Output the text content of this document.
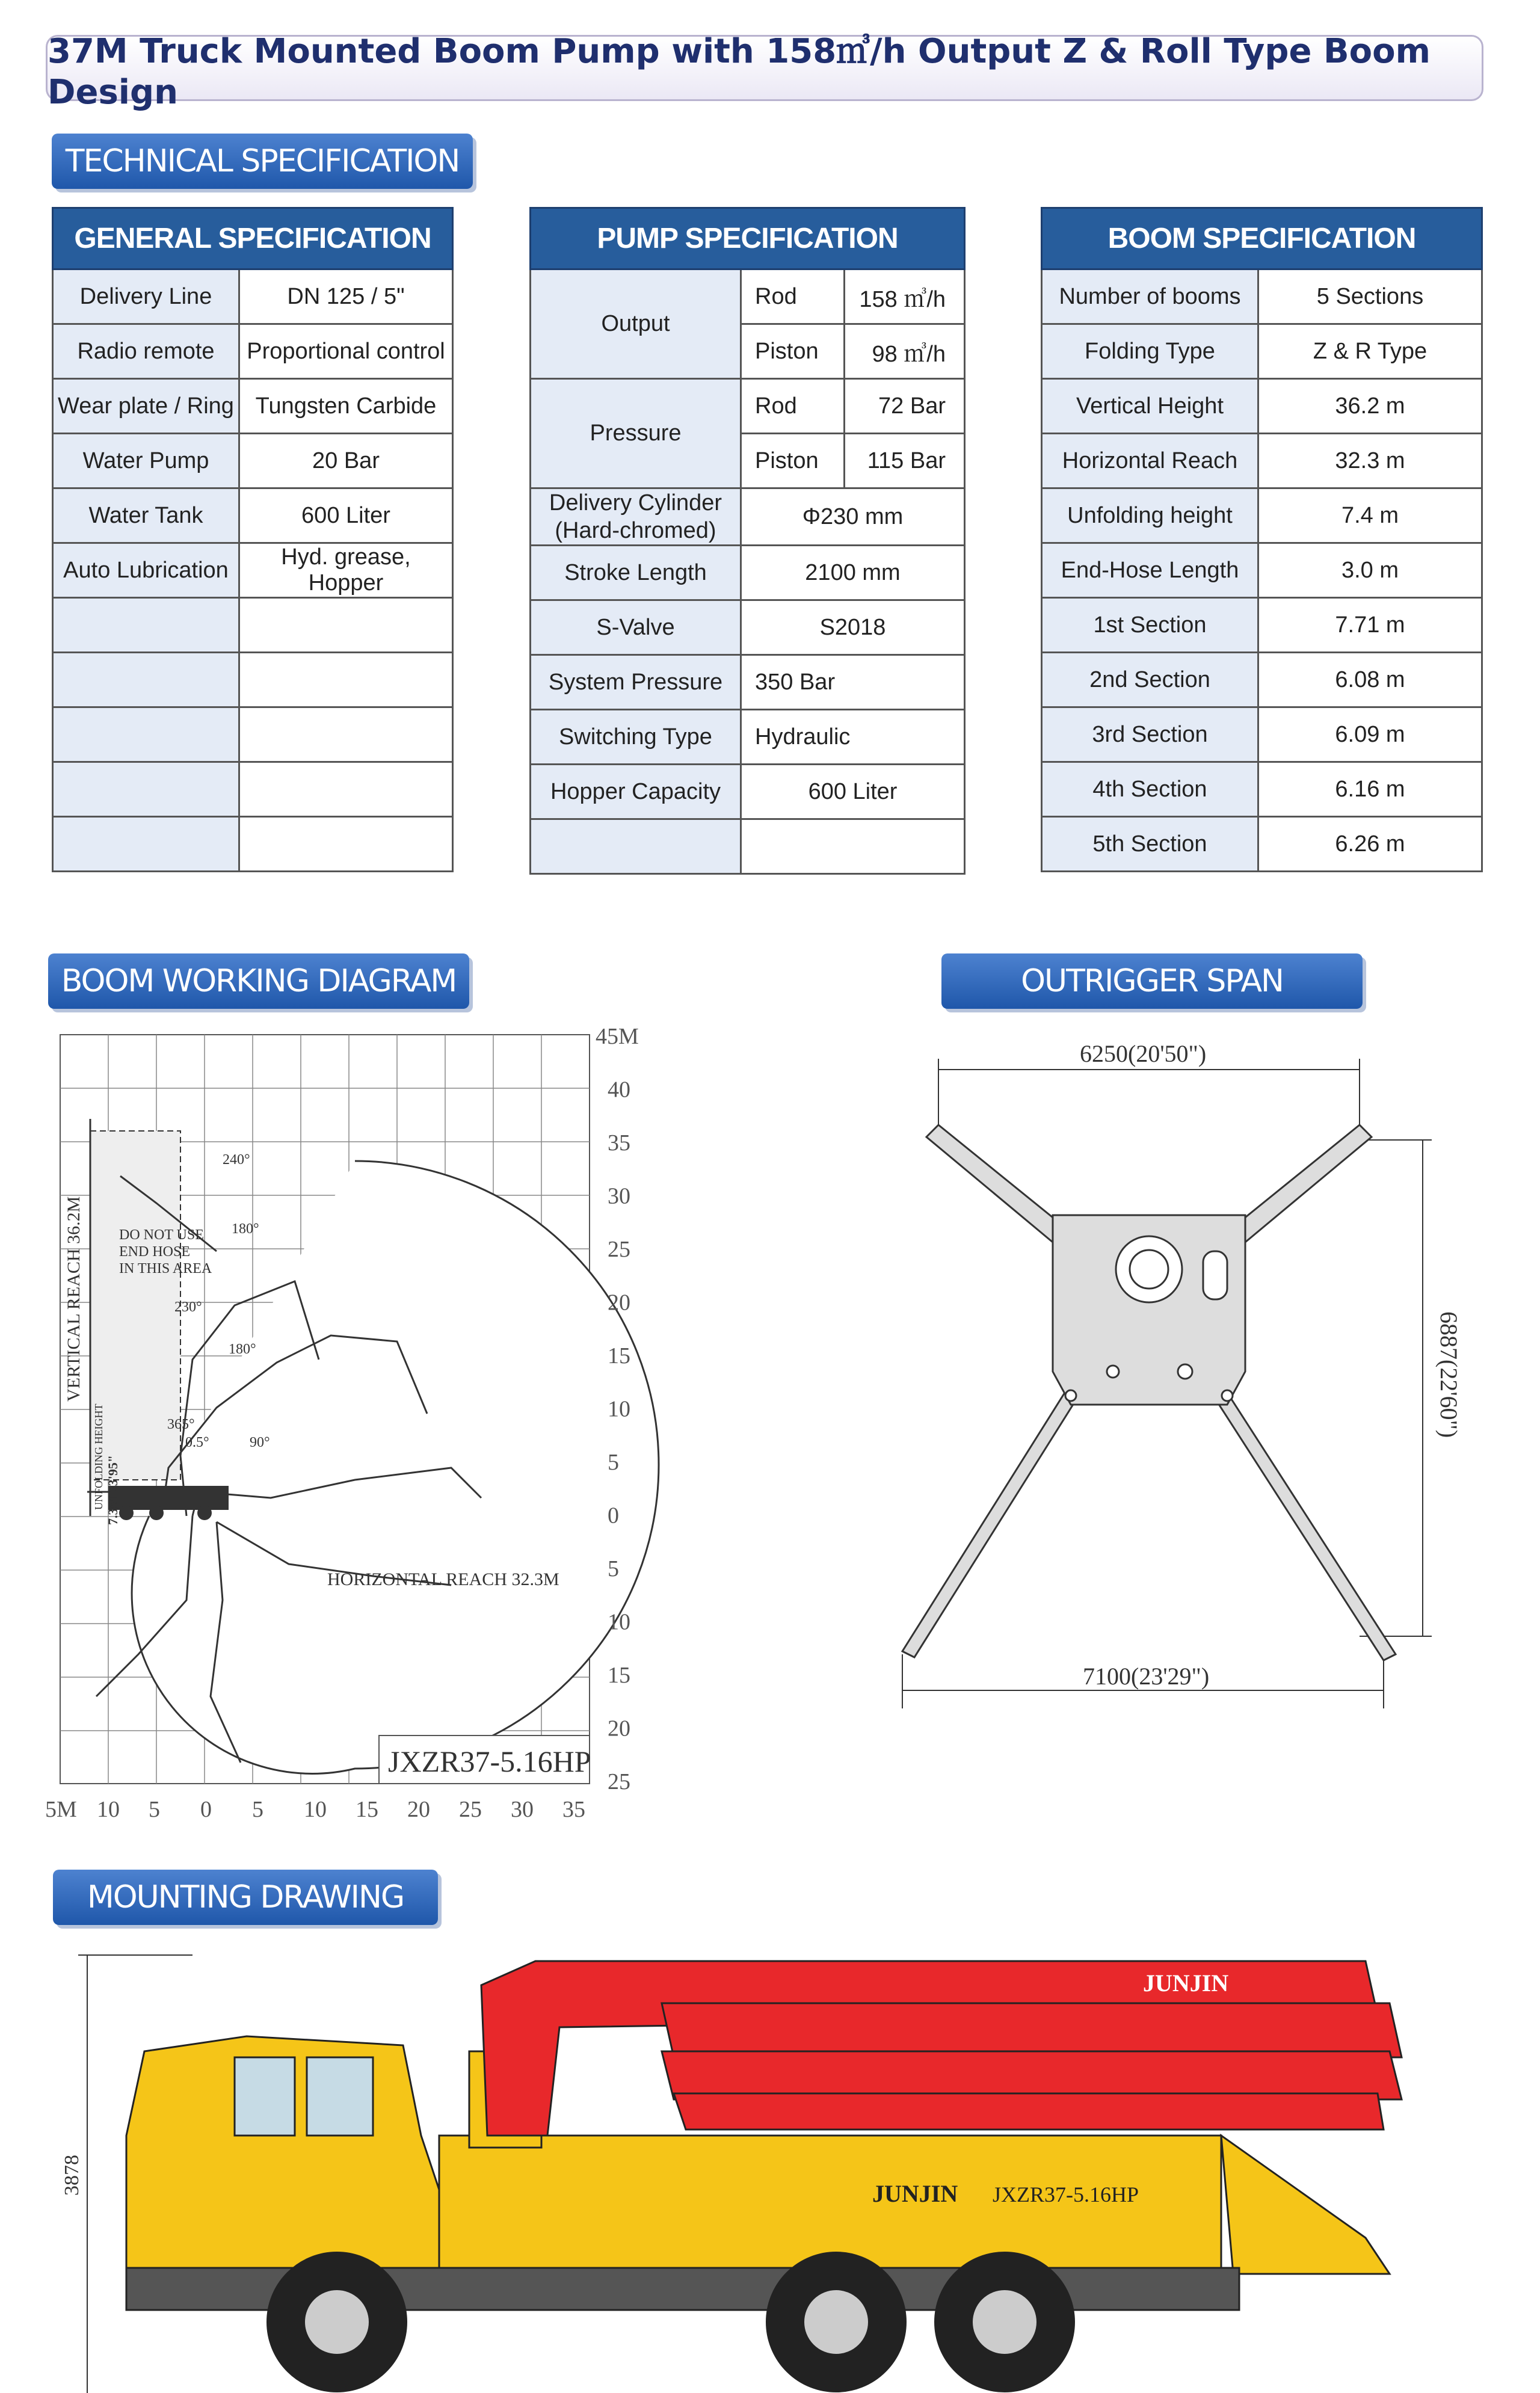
37M Truck Mounted Boom Pump with 158㎥/h Output Z & Roll Type Boom Design
TECHNICAL SPECIFICATION
GENERAL SPECIFICATION	
Delivery Line	DN 125 / 5"
Radio remote	Proportional control
Wear plate / Ring	Tungsten Carbide
Water Pump	20 Bar
Water Tank	600 Liter
Auto Lubrication	Hyd. grease, Hopper

PUMP SPECIFICATION		
Output	Rod	158 ㎥/h
	Piston	98 ㎥/h
Pressure	Rod	72 Bar
	Piston	115 Bar
Delivery Cylinder
(Hard-chromed)	Φ230 mm	
Stroke Length	2100 mm	
S-Valve	S2018	
System Pressure	350 Bar	
Switching Type	Hydraulic	
Hopper Capacity	600 Liter	

BOOM SPECIFICATION	
Number of booms	5 Sections
Folding Type	Z & R Type
Vertical Height	36.2 m
Horizontal Reach	32.3 m
Unfolding height	7.4 m
End-Hose Length	3.0 m
1st Section	7.71 m
2nd Section	6.08 m
3rd Section	6.09 m
4th Section	6.16 m
5th Section	6.26 m
BOOM WORKING DIAGRAM	OUTRIGGER SPAN
DO NOT USE
END HOSE
IN THIS AREA
240°
180°
230°
180°
365°
0.5°	90°
HORIZONTAL REACH 32.3M
VERTICAL REACH 36.2M
UNFOLDING HEIGHT 7.3M 23'95"
JXZR37-5.16HP
45M
40
35
30
25
20
15
10
5
0
5
10
15
20
25
5M 10 5 0 5 10 15 20 25 30 35
6250(20'50")
6887(22'60")
7100(23'29")
MOUNTING DRAWING
3878
JUNJIN
JUNJIN JXZR37-5.16HP
